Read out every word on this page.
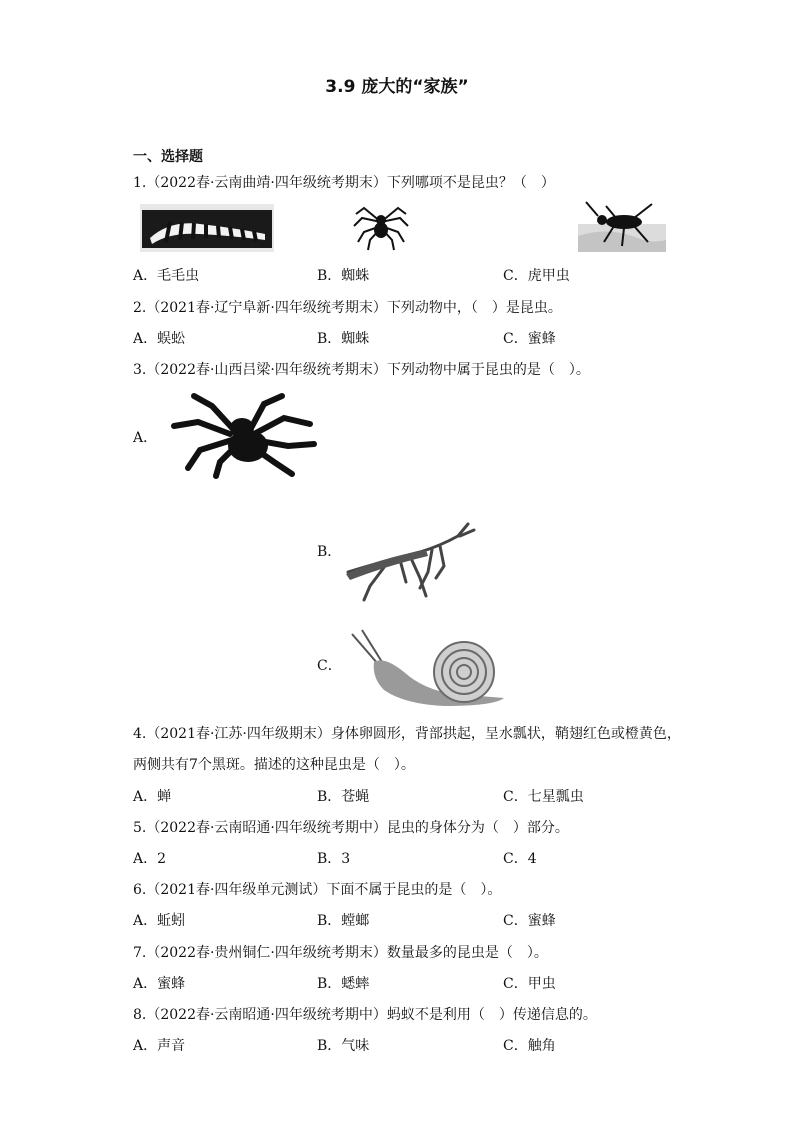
3.9 庞大的“家族”
一、选择题
1.（2022春·云南曲靖·四年级统考期末）下列哪项不是昆虫？（　）
A．毛毛虫	B．蜘蛛	C．虎甲虫
2.（2021春·辽宁阜新·四年级统考期末）下列动物中，（　）是昆虫。
A．蜈蚣	B．蜘蛛	C．蜜蜂
3.（2022春·山西吕梁·四年级统考期末）下列动物中属于昆虫的是（　）。
A．
B．
C．
4.（2021春·江苏·四年级期末）身体卵圆形，背部拱起，呈水瓢状，鞘翅红色或橙黄色，
两侧共有7个黑斑。描述的这种昆虫是（　）。
A．蝉	B．苍蝇	C．七星瓢虫
5.（2022春·云南昭通·四年级统考期中）昆虫的身体分为（　）部分。
A．2	B．3	C．4
6.（2021春·四年级单元测试）下面不属于昆虫的是（　）。
A．蚯蚓	B．螳螂	C．蜜蜂
7.（2022春·贵州铜仁·四年级统考期末）数量最多的昆虫是（　）。
A．蜜蜂	B．蟋蟀	C．甲虫
8.（2022春·云南昭通·四年级统考期中）蚂蚁不是利用（　）传递信息的。
A．声音	B．气味	C．触角
